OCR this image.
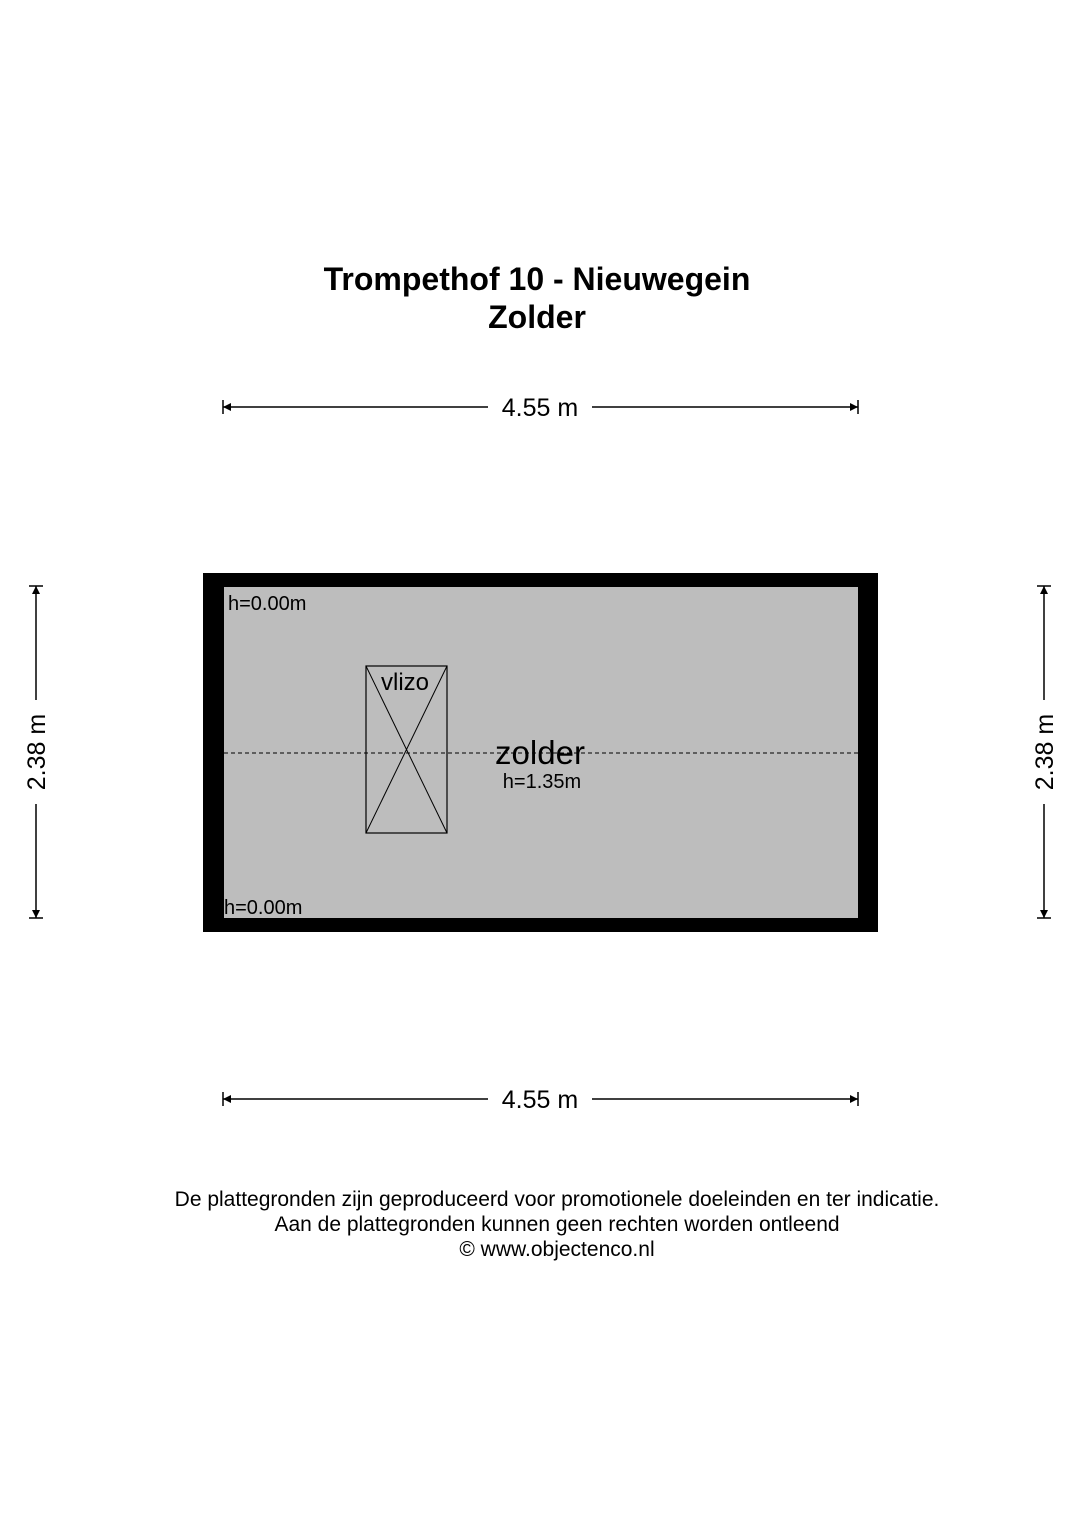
Trompethof 10 - Nieuwegein
Zolder
4.55 m
4.55 m
2.38 m	2.38 m
h=0.00m
h=0.00m
vlizo
zolder
h=1.35m
De plattegronden zijn geproduceerd voor promotionele doeleinden en ter indicatie.
Aan de plattegronden kunnen geen rechten worden ontleend
© www.objectenco.nl
